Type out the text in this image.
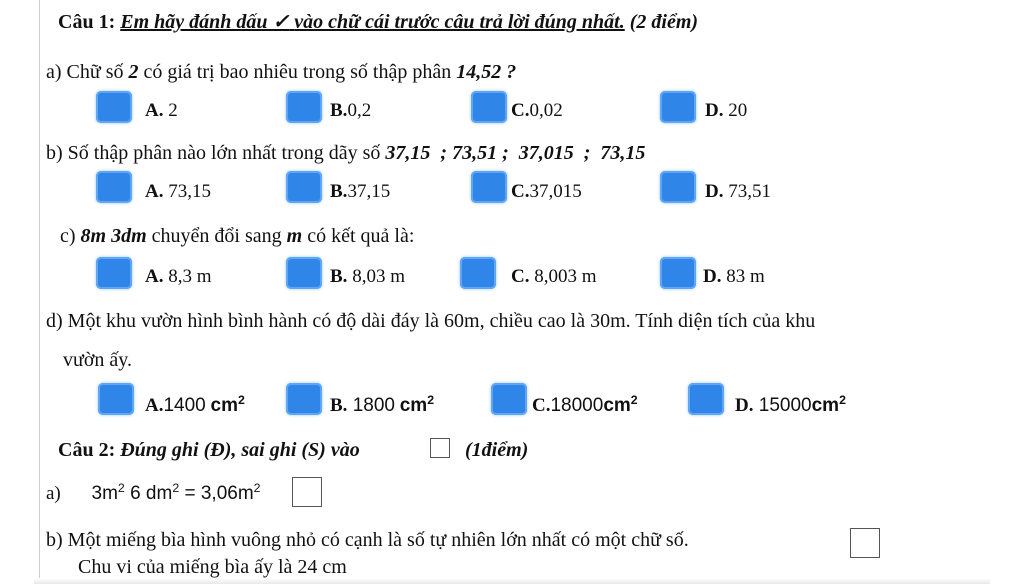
Câu 1: Em hãy đánh dấu ✓ vào chữ cái trước câu trả lời đúng nhất. (2 điểm)
a) Chữ số 2 có giá trị bao nhiêu trong số thập phân 14,52 ?
A. 2	B.0,2	C.0,02	D. 20
b) Số thập phân nào lớn nhất trong dãy số 37,15  ; 73,51 ;  37,015  ;  73,15
A. 73,15	B.37,15	C.37,015	D. 73,51
c) 8m 3dm chuyển đổi sang m có kết quả là:
A. 8,3 m	B. 8,03 m	C. 8,003 m	D. 83 m
d) Một khu vườn hình bình hành có độ dài đáy là 60m, chiều cao là 30m. Tính diện tích của khu
vườn ấy.
A.1400 $cm^2$	B. 1800 $cm^2$	$C.18000cm^2$	D. $15000cm^2$
Câu 2: Đúng ghi (Đ), sai ghi (S) vào	(1điểm)
a) $3m^2$ 6 $dm^2 = 3,06m^2$
b) Một miếng bìa hình vuông nhỏ có cạnh là số tự nhiên lớn nhất có một chữ số.
Chu vi của miếng bìa ấy là 24 cm
